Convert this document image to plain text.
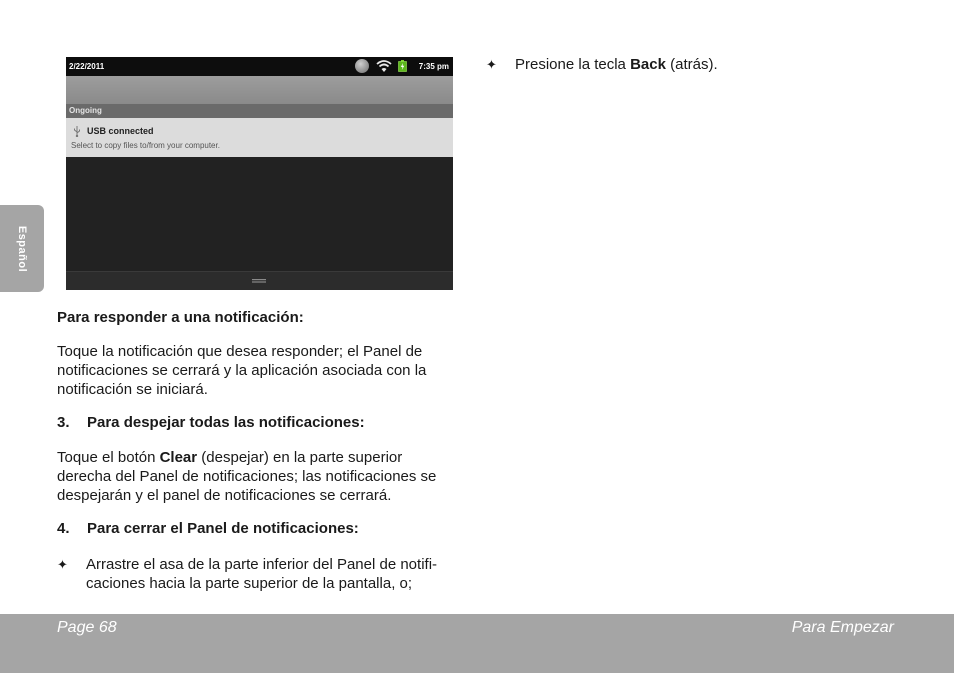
Español
2/22/2011	7:35 pm
Ongoing
USB connected
Select to copy files to/from your computer.
Para responder a una notificación:
Toque la notificación que desea responder; el Panel de
notificaciones se cerrará y la aplicación asociada con la
notificación se iniciará.
3. Para despejar todas las notificaciones:
Toque el botón Clear (despejar) en la parte superior
derecha del Panel de notificaciones; las notificaciones se
despejarán y el panel de notificaciones se cerrará.
4. Para cerrar el Panel de notificaciones:
✦ Arrastre el asa de la parte inferior del Panel de notifi-
caciones hacia la parte superior de la pantalla, o;
✦ Presione la tecla Back (atrás).
Page 68	Para Empezar
